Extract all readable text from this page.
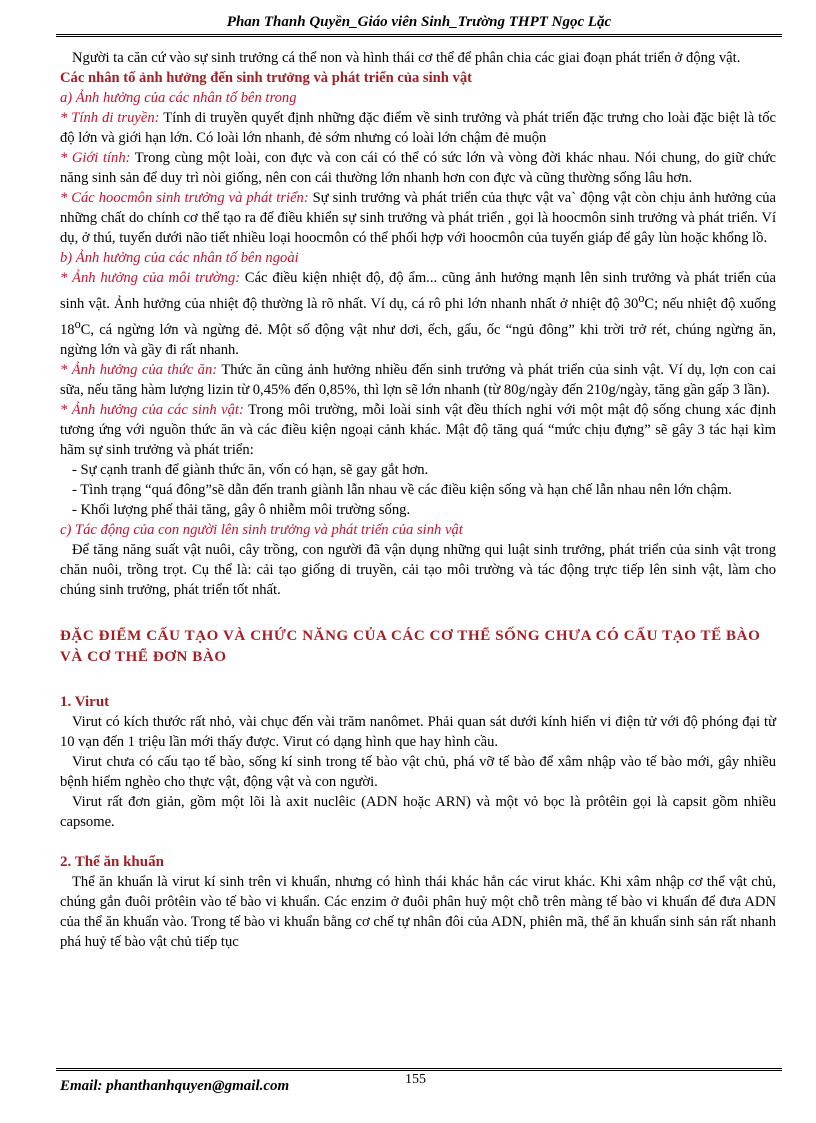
Phan Thanh Quyền_Giáo viên Sinh_Trường THPT Ngọc Lặc

Người ta căn cứ vào sự sinh trưởng cá thể non và hình thái cơ thể để phân chia các giai đoạn phát triển ở động vật.

Các nhân tố ảnh hưởng đến sinh trưởng và phát triển của sinh vật

a) Ảnh hưởng của các nhân tố bên trong

* Tính di truyền: Tính di truyền quyết định những đặc điểm về sinh trưởng và phát triển đặc trưng cho loài đặc biệt là tốc độ lớn và giới hạn lớn. Có loài lớn nhanh, đẻ sớm nhưng có loài lớn chậm đẻ muộn

* Giới tính: Trong cùng một loài, con đực và con cái có thể có sức lớn và vòng đời khác nhau. Nói chung, do giữ chức năng sinh sản để duy trì nòi giống, nên con cái thường lớn nhanh hơn con đực và cũng thường sống lâu hơn.

* Các hoocmôn sinh trưởng và phát triển: Sự sinh trưởng và phát triển của thực vật va` động vật còn chịu ảnh hưởng của những chất do chính cơ thể tạo ra để điều khiển sự sinh trưởng và phát triển , gọi là hoocmôn sinh trưởng và phát triển. Ví dụ, ở thú, tuyến dưới não tiết nhiều loại hoocmôn có thể phối hợp với hoocmôn của tuyến giáp để gây lùn hoặc khổng lồ.

b) Ảnh hưởng của các nhân tố bên ngoài

* Ảnh hưởng của môi trường: Các điều kiện nhiệt độ, độ ẩm... cũng ảnh hưởng mạnh lên sinh trưởng và phát triển của sinh vật. Ảnh hưởng của nhiệt độ thường là rõ nhất. Ví dụ, cá rô phi lớn nhanh nhất ở nhiệt độ 30$^o$C; nếu nhiệt độ xuống 18$^o$C, cá ngừng lớn và ngừng đẻ. Một số động vật như dơi, ếch, gấu, ốc “ngủ đông” khi trời trở rét, chúng ngừng ăn, ngừng lớn và gầy đi rất nhanh.

* Ảnh hưởng của thức ăn: Thức ăn cũng ảnh hưởng nhiều đến sinh trưởng và phát triển của sinh vật. Ví dụ, lợn con cai sữa, nếu tăng hàm lượng lizin từ 0,45% đến 0,85%, thì lợn sẽ lớn nhanh (từ 80g/ngày đến 210g/ngày, tăng gần gấp 3 lần).

* Ảnh hưởng của các sinh vật: Trong môi trường, mỗi loài sinh vật đều thích nghi với một mật độ sống chung xác định tương ứng với nguồn thức ăn và các điều kiện ngoại cảnh khác. Mật độ tăng quá “mức chịu đựng” sẽ gây 3 tác hại kìm hãm sự sinh trưởng và phát triển:

- Sự cạnh tranh để giành thức ăn, vốn có hạn, sẽ gay gắt hơn.

- Tình trạng “quá đông”sẽ dẫn đến tranh giành lẫn nhau về các điều kiện sống và hạn chế lẫn nhau nên lớn chậm.

- Khối lượng phế thải tăng, gây ô nhiễm môi trường sống.

c) Tác động của con người lên sinh trưởng và phát triển của sinh vật

Để tăng năng suất vật nuôi, cây trồng, con người đã vận dụng những qui luật sinh trưởng, phát triển của sinh vật trong chăn nuôi, trồng trọt. Cụ thể là: cải tạo giống di truyền, cải tạo môi trường và tác động trực tiếp lên sinh vật, làm cho chúng sinh trưởng, phát triển tốt nhất.

ĐẶC ĐIỂM CẤU TẠO VÀ CHỨC NĂNG CỦA CÁC CƠ THỂ SỐNG CHƯA CÓ CẤU TẠO TẾ BÀO VÀ CƠ THỂ ĐƠN BÀO
1. Virut

Virut có kích thước rất nhỏ, vài chục đến vài trăm nanômet. Phải quan sát dưới kính hiển vi điện tử với độ phóng đại từ 10 vạn đến 1 triệu lần mới thấy được. Virut có dạng hình que hay hình cầu.

Virut chưa có cấu tạo tế bào, sống kí sinh trong tế bào vật chủ, phá vỡ tế bào để xâm nhập vào tế bào mới, gây nhiều bệnh hiểm nghèo cho thực vật, động vật và con người.

Virut rất đơn giản, gồm một lõi là axit nuclêic (ADN hoặc ARN) và một vỏ bọc là prôtêin gọi là capsit gồm nhiều capsome.

2. Thể ăn khuẩn

Thể ăn khuẩn là virut kí sinh trên vi khuẩn, nhưng có hình thái khác hẳn các virut khác. Khi xâm nhập cơ thể vật chủ, chúng gắn đuôi prôtêin vào tế bào vi khuẩn. Các enzim ở đuôi phân huỷ một chỗ trên màng tế bào vi khuẩn để đưa ADN của thể ăn khuẩn vào. Trong tế bào vi khuẩn bằng cơ chế tự nhân đôi của ADN, phiên mã, thể ăn khuẩn sinh sản rất nhanh phá huỷ tế bào vật chủ tiếp tục

155
Email: phanthanhquyen@gmail.com
